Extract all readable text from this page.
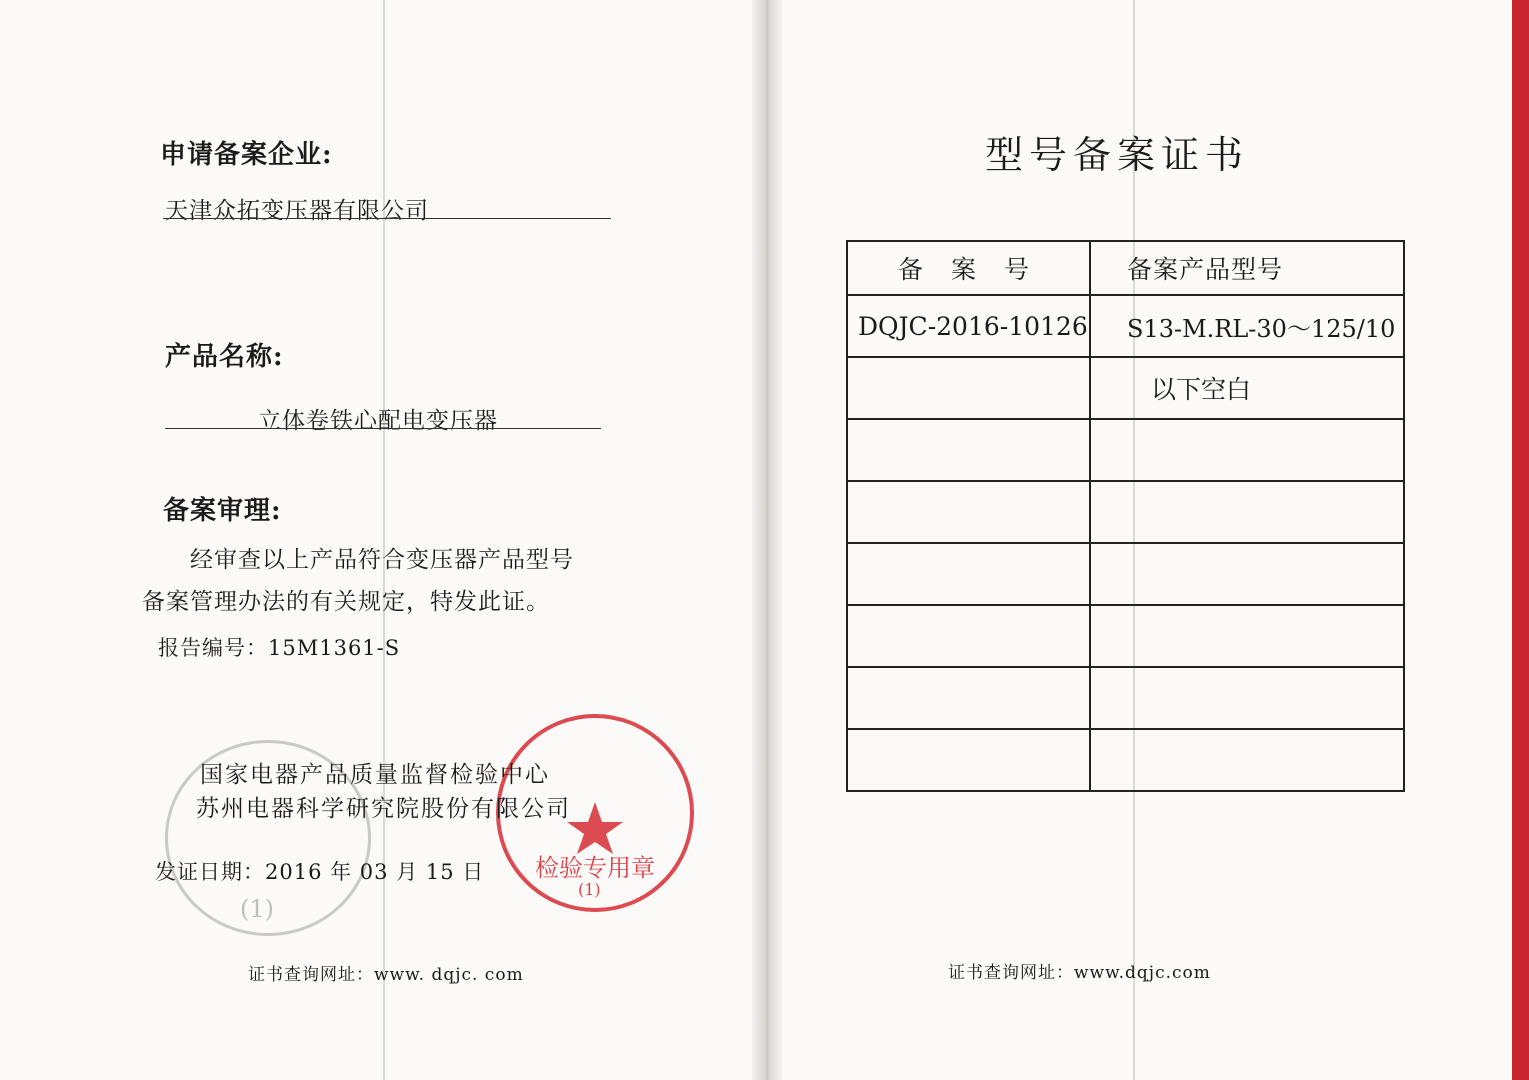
申请备案企业:
天津众拓变压器有限公司
产品名称:
立体卷铁心配电变压器
备案审理:
经审查以上产品符合变压器产品型号
备案管理办法的有关规定，特发此证。
报告编号：15M1361-S
(1)
检验专用章
(1)
国家电器产品质量监督检验中心
苏州电器科学研究院股份有限公司
发证日期：2016 年 03 月 15 日
证书查询网址：www. dqjc. com
型号备案证书
备 案 号	备案产品型号
DQJC-2016-10126	S13-M.RL-30～125/10
	以下空白

证书查询网址：www.dqjc.com
